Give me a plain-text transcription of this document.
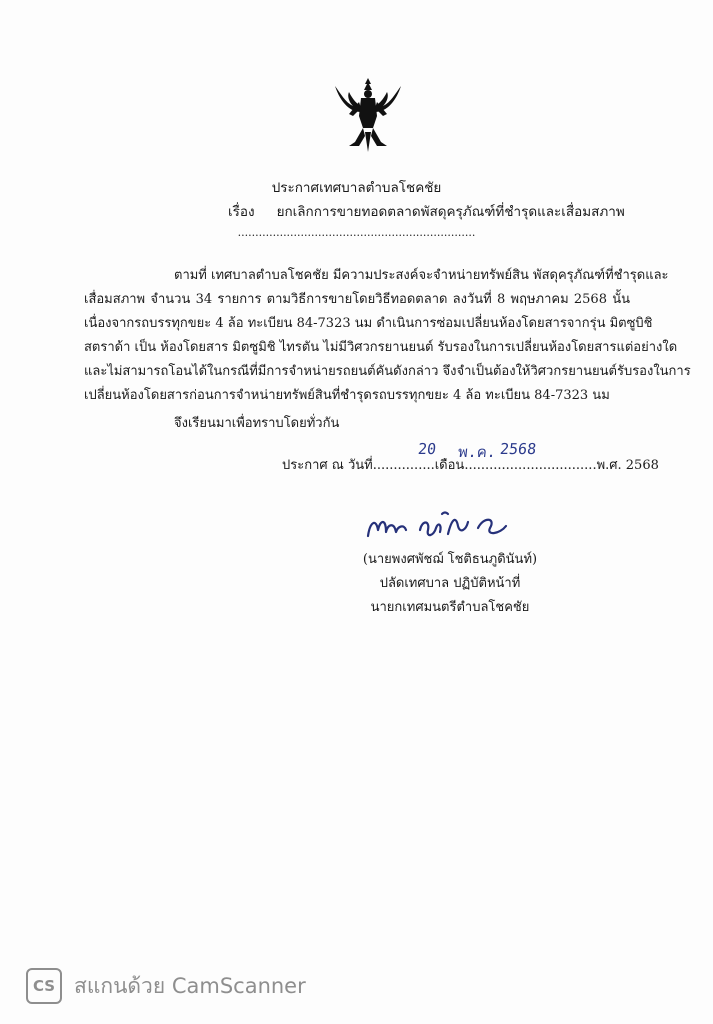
ประกาศเทศบาลตำบลโชคชัย
เรื่อง ยกเลิกการขายทอดตลาดพัสดุครุภัณฑ์ที่ชำรุดและเสื่อมสภาพ
....................................................................
ตามที่ เทศบาลตำบลโชคชัย มีความประสงค์จะจำหน่ายทรัพย์สิน พัสดุครุภัณฑ์ที่ชำรุดและ
เสื่อมสภาพ จำนวน 34 รายการ ตามวิธีการขายโดยวิธีทอดตลาด ลงวันที่ 8 พฤษภาคม 2568 นั้น
เนื่องจากรถบรรทุกขยะ 4 ล้อ ทะเบียน 84-7323 นม ดำเนินการซ่อมเปลี่ยนห้องโดยสารจากรุ่น มิตซูบิชิ
สตราด้า เป็น ห้องโดยสาร มิตซูมิชิ ไทรตัน ไม่มีวิศวกรยานยนต์ รับรองในการเปลี่ยนห้องโดยสารแต่อย่างใด
และไม่สามารถโอนได้ในกรณีที่มีการจำหน่ายรถยนต์คันดังกล่าว จึงจำเป็นต้องให้วิศวกรยานยนต์รับรองในการ
เปลี่ยนห้องโดยสารก่อนการจำหน่ายทรัพย์สินที่ชำรุดรถบรรทุกขยะ 4 ล้อ ทะเบียน 84-7323 นม
จึงเรียนมาเพื่อทราบโดยทั่วกัน
ประกาศ ณ วันที่...............เดือน................................พ.ศ. 2568
20 พ.ค. 2568
(นายพงศพัชฌ์ โชติธนภูดินันท์)
ปลัดเทศบาล ปฏิบัติหน้าที่
นายกเทศมนตรีตำบลโชคชัย
CS สแกนด้วย CamScanner
